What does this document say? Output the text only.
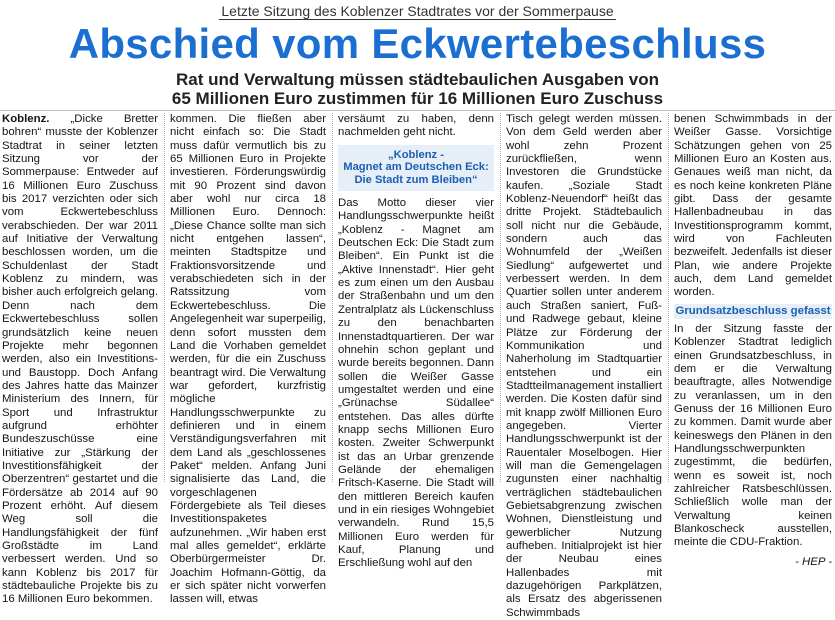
Letzte Sitzung des Koblenzer Stadtrates vor der Sommerpause
Abschied vom Eckwertebeschluss
Rat und Verwaltung müssen städtebaulichen Ausgaben von
65 Millionen Euro zustimmen für 16 Millionen Euro Zuschuss

Koblenz. „Dicke Bretter bohren“ musste der Koblenzer Stadtrat in seiner letzten Sitzung vor der Sommerpause: Entweder auf 16 Millionen Euro Zuschuss bis 2017 verzichten oder sich vom Eckwertebeschluss verabschieden. Der war 2011 auf Initiative der Verwaltung beschlossen worden, um die Schuldenlast der Stadt Koblenz zu mindern, was bisher auch erfolgreich gelang. Denn nach dem Eckwertebeschluss sollen grundsätzlich keine neuen Projekte mehr begonnen werden, also ein Investitions- und Baustopp. Doch Anfang des Jahres hatte das Mainzer Ministerium des Innern, für Sport und Infrastruktur aufgrund erhöhter Bundeszuschüsse eine Initiative zur „Stärkung der Investitionsfähigkeit der Oberzentren“ gestartet und die Fördersätze ab 2014 auf 90 Prozent erhöht. Auf diesem Weg soll die Handlungsfähigkeit der fünf Großstädte im Land verbessert werden. Und so kann Koblenz bis 2017 für städtebauliche Projekte bis zu 16 Millionen Euro bekommen.

kommen. Die fließen aber nicht einfach so: Die Stadt muss dafür vermutlich bis zu 65 Millionen Euro in Projekte investieren. Förderungswürdig mit 90 Prozent sind davon aber wohl nur circa 18 Millionen Euro. Dennoch: „Diese Chance sollte man sich nicht entgehen lassen“, meinten Stadtspitze und Fraktionsvorsitzende und verabschiedeten sich in der Ratssitzung vom Eckwertebeschluss. Die Angelegenheit war superpeilig, denn sofort mussten dem Land die Vorhaben gemeldet werden, für die ein Zuschuss beantragt wird. Die Verwaltung war gefordert, kurzfristig mögliche Handlungsschwerpunkte zu definieren und in einem Verständigungsverfahren mit dem Land als „geschlossenes Paket“ melden. Anfang Juni signalisierte das Land, die vorgeschlagenen Fördergebiete als Teil dieses Investitionspaketes aufzunehmen. „Wir haben erst mal alles gemeldet“, erklärte Oberbürgermeister Dr. Joachim Hofmann-Göttig, da er sich später nicht vorwerfen lassen will, etwas

versäumt zu haben, denn nachmelden geht nicht.

„Koblenz -
Magnet am Deutschen Eck:
Die Stadt zum Bleiben“

Das Motto dieser vier Handlungsschwerpunkte heißt „Koblenz - Magnet am Deutschen Eck: Die Stadt zum Bleiben“. Ein Punkt ist die „Aktive Innenstadt“. Hier geht es zum einen um den Ausbau der Straßenbahn und um den Zentralplatz als Lückenschluss zu den benachbarten Innenstadtquartieren. Der war ohnehin schon geplant und wurde bereits begonnen. Dann sollen die Weißer Gasse umgestaltet werden und eine „Grünachse Südallee“ entstehen. Das alles dürfte knapp sechs Millionen Euro kosten. Zweiter Schwerpunkt ist das an Urbar grenzende Gelände der ehemaligen Fritsch-Kaserne. Die Stadt will den mittleren Bereich kaufen und in ein riesiges Wohngebiet verwandeln. Rund 15,5 Millionen Euro werden für Kauf, Planung und Erschließung wohl auf den

Tisch gelegt werden müssen. Von dem Geld werden aber wohl zehn Prozent zurückfließen, wenn Investoren die Grundstücke kaufen. „Soziale Stadt Koblenz-Neuendorf“ heißt das dritte Projekt. Städtebaulich soll nicht nur die Gebäude, sondern auch das Wohnumfeld der „Weißen Siedlung“ aufgewertet und verbessert werden. In dem Quartier sollen unter anderem auch Straßen saniert, Fuß- und Radwege gebaut, kleine Plätze zur Förderung der Kommunikation und Naherholung im Stadtquartier entstehen und ein Stadtteilmanagement installiert werden. Die Kosten dafür sind mit knapp zwölf Millionen Euro angegeben. Vierter Handlungsschwerpunkt ist der Rauentaler Moselbogen. Hier will man die Gemengelagen zugunsten einer nachhaltig verträglichen städtebaulichen Gebietsabgrenzung zwischen Wohnen, Dienstleistung und gewerblicher Nutzung aufheben. Initialprojekt ist hier der Neubau eines Hallenbades mit dazugehörigen Parkplätzen, als Ersatz des abgerissenen Schwimmbads

benen Schwimmbads in der Weißer Gasse. Vorsichtige Schätzungen gehen von 25 Millionen Euro an Kosten aus. Genaues weiß man nicht, da es noch keine konkreten Pläne gibt. Dass der gesamte Hallenbadneubau in das Investitionsprogramm kommt, wird von Fachleuten bezweifelt. Jedenfalls ist dieser Plan, wie andere Projekte auch, dem Land gemeldet worden.

Grundsatzbeschluss gefasst

In der Sitzung fasste der Koblenzer Stadtrat lediglich einen Grundsatzbeschluss, in dem er die Verwaltung beauftragte, alles Notwendige zu veranlassen, um in den Genuss der 16 Millionen Euro zu kommen. Damit wurde aber keineswegs den Plänen in den Handlungsschwerpunkten zugestimmt, die bedürfen, wenn es soweit ist, noch zahlreicher Ratsbeschlüssen. Schließlich wolle man der Verwaltung keinen Blankoscheck ausstellen, meinte die CDU-Fraktion.

- HEP -
